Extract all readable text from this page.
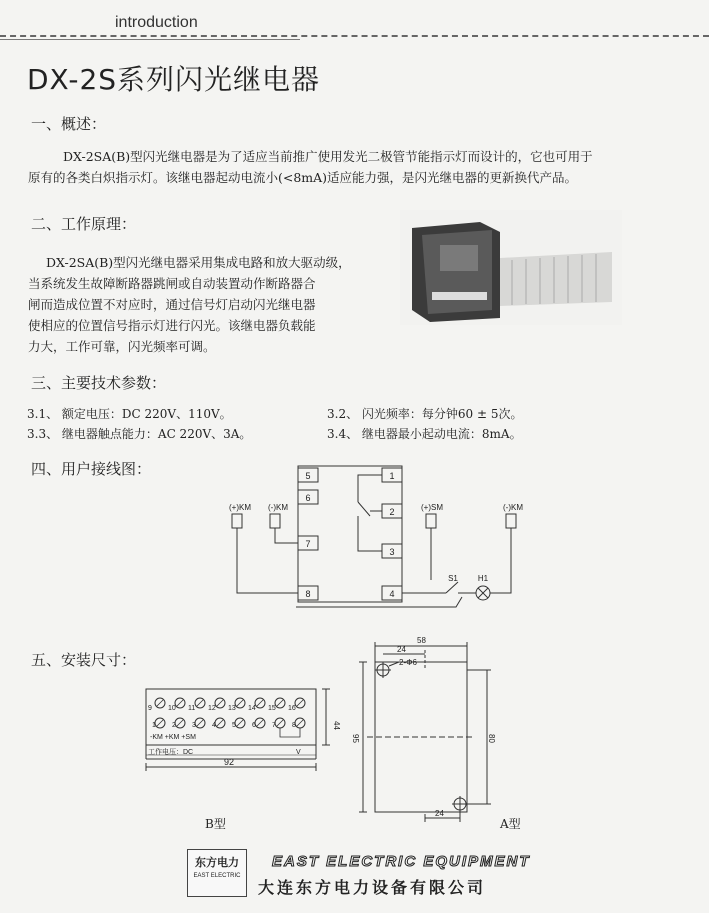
introduction
DX-2S系列闪光继电器
一、概述：
DX-2SA(B)型闪光继电器是为了适应当前推广使用发光二极管节能指示灯而设计的，它也可用于
原有的各类白炽指示灯。该继电器起动电流小(<8mA)适应能力强，是闪光继电器的更新换代产品。
二、工作原理：
DX-2SA(B)型闪光继电器采用集成电路和放大驱动级，
当系统发生故障断路器跳闸或自动装置动作断路器合
闸而造成位置不对应时，通过信号灯启动闪光继电器
使相应的位置信号指示灯进行闪光。该继电器负载能
力大，工作可靠，闪光频率可调。
三、主要技术参数：
3.1、 额定电压：DC 220V、110V。	3.2、 闪光频率：每分钟60 ± 5次。
3.3、 继电器触点能力：AC 220V、3A。	3.4、 继电器最小起动电流：8mA。
四、用户接线图：	5
6
7
8
1
2
3
4
(+)KM (-)KM	(+)SM	(-)KM
S1 H1
五、安装尺寸：
9 10 11 12 13 14 15 16
1 2 3 4 5 6 7 8
-KM +KM +SM
工作电压：DC	V
92
44
B型
58
24
2-Φ6
95	80
24
A型
东方电力
EAST ELECTRIC
EAST ELECTRIC EQUIPMENT
大连东方电力设备有限公司
